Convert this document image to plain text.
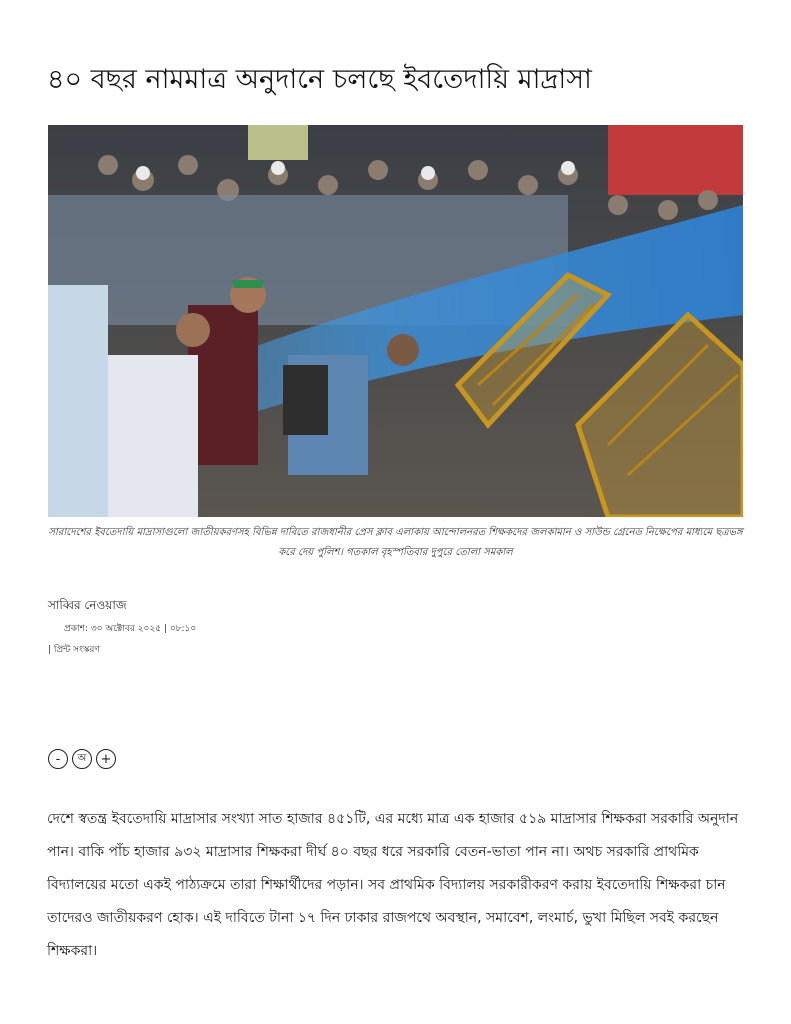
৪০ বছর নামমাত্র অনুদানে চলছে ইবতেদায়ি মাদ্রাসা

সারাদেশের ইবতেদায়ি মাদ্রাসাগুলো জাতীয়করণসহ বিভিন্ন দাবিতে রাজধানীর প্রেস ক্লাব এলাকায় আন্দোলনরত শিক্ষকদের জলকামান ও সাউন্ড গ্রেনেড নিক্ষেপের মাধ্যমে ছত্রভঙ্গ করে দেয় পুলিশ। গতকাল বৃহস্পতিবার দুপুরে তোলা সমকাল

সাব্বির নেওয়াজ
প্রকাশ: ৩০ অক্টোবর ২০২৫ | ০৮:১০
| প্রিন্ট সংস্করণ
-	অ	+

দেশে স্বতন্ত্র ইবতেদায়ি মাদ্রাসার সংখ্যা সাত হাজার ৪৫১টি, এর মধ্যে মাত্র এক হাজার ৫১৯ মাদ্রাসার শিক্ষকরা সরকারি অনুদান পান। বাকি পাঁচ হাজার ৯৩২ মাদ্রাসার শিক্ষকরা দীর্ঘ ৪০ বছর ধরে সরকারি বেতন-ভাতা পান না। অথচ সরকারি প্রাথমিক বিদ্যালয়ের মতো একই পাঠ্যক্রমে তারা শিক্ষার্থীদের পড়ান। সব প্রাথমিক বিদ্যালয় সরকারীকরণ করায় ইবতেদায়ি শিক্ষকরা চান তাদেরও জাতীয়করণ হোক। এই দাবিতে টানা ১৭ দিন ঢাকার রাজপথে অবস্থান, সমাবেশ, লংমার্চ, ভুখা মিছিল সবই করছেন শিক্ষকরা।
